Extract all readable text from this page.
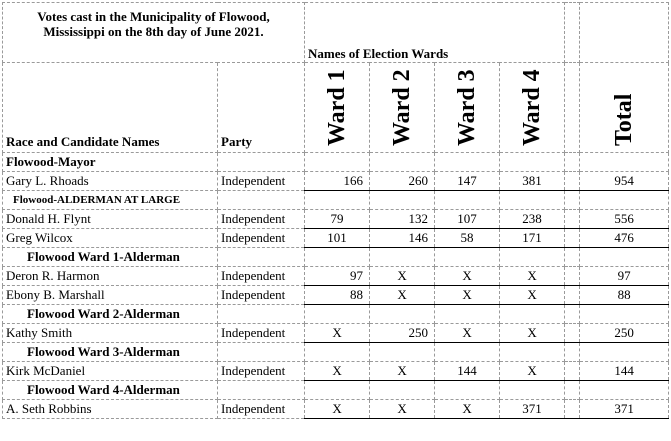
Votes cast in the Municipality of Flowood, Mississippi on the 8th day of June 2021.		Names of Election Wards					
Race and Candidate Names	Party	Ward 1	Ward 2	Ward 3	Ward 4		Total

Flowood-Mayor							
Gary L. Rhoads	Independent	166	260	147	381		954
Flowood-ALDERMAN AT LARGE							
Donald H. Flynt	Independent	79	132	107	238		556
Greg Wilcox	Independent	101	146	58	171		476
Flowood Ward 1-Alderman							
Deron R. Harmon	Independent	97	X	X	X		97
Ebony B. Marshall	Independent	88	X	X	X		88
Flowood Ward 2-Alderman							
Kathy Smith	Independent	X	250	X	X		250
Flowood Ward 3-Alderman							
Kirk McDaniel	Independent	X	X	144	X		144
Flowood Ward 4-Alderman							
A. Seth Robbins	Independent	X	X	X	371		371
